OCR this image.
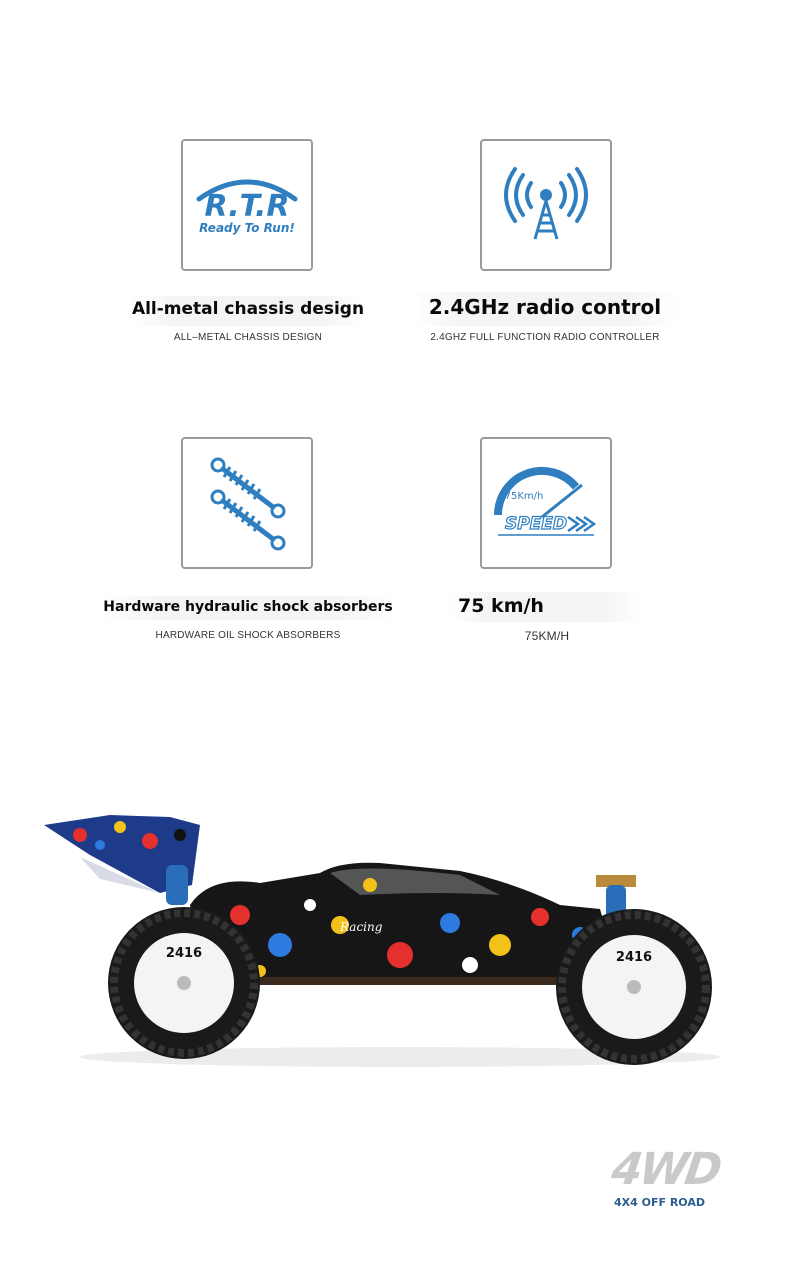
R.T.R
Ready To Run!
All-metal chassis design
ALL–METAL CHASSIS DESIGN
2.4GHz radio control
2.4GHZ FULL FUNCTION RADIO CONTROLLER
Hardware hydraulic shock absorbers
HARDWARE OIL SHOCK ABSORBERS
75Km/h
SPEED
75 km/h
75KM/H
Racing
2416	2416
4WD
4X4 OFF ROAD
